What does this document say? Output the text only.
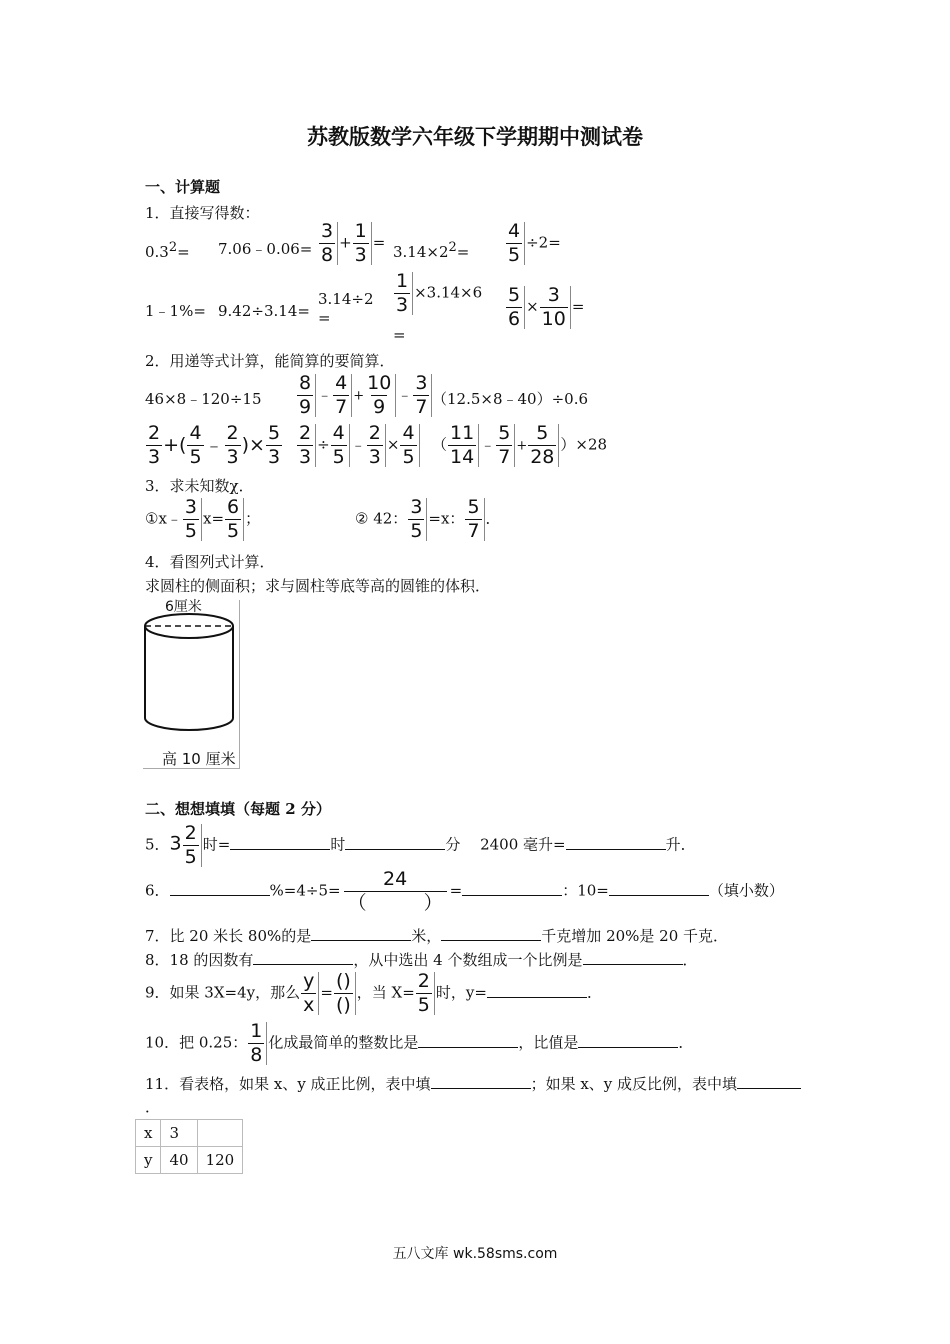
苏教版数学六年级下学期期中测试卷
一、计算题
1．直接写得数：
$0.3^2=$ 7.06﹣0.06= $\frac{3}{8} + \frac{1}{3}$ =
$3.14\times 2^2= \frac{4}{5} \div 2=$
1﹣1%= 9.42÷3.14=
3.14÷2
=
$\frac{1}{3} \times 3.14\times 6$
=
$\frac{5}{6} \times \frac{3}{10}$ =
2．用递等式计算，能简算的要简算．
46×8﹣120÷15 $\frac{8}{9}$ ﹣ $\frac{4}{7} + \frac{10}{9}$ ﹣ $\frac{3}{7}$ （12.5×8﹣40）÷0.6
$\frac{2}{3}$ +( $\frac{4}{5}$ ﹣ $\frac{2}{3}$ )× $\frac{5}{3} \frac{2}{3} \div \frac{4}{5}$ ﹣ $\frac{2}{3} \times \frac{4}{5}$ （ $\frac{11}{14}$ ﹣ $\frac{5}{7} + \frac{5}{28} )\times 28$
3．求未知数χ．
①x﹣ $\frac{3}{5} x= \frac{6}{5}$ ；	② 42： $\frac{3}{5} =x$： $\frac{5}{7}$ ．
4．看图列式计算．
求圆柱的侧面积；求与圆柱等底等高的圆锥的体积．
6厘米
高 10 厘米
二、想想填填（每题 2 分）
5．$3 \frac{2}{5}$ 时=	时	分　 2400 毫升=	升．
6．	$\%=4\div 5= \frac{24}{( )}$ =	：10=	（填小数）
7．比 20 米长 80%的是	米，	千克增加 20%是 20 千克．
8．18 的因数有	，从中选出 4 个数组成一个比例是	．
9．如果 3X=4y，那么 $\frac{y}{x} = \frac{()}{()}$ ，当 $X= \frac{2}{5}$ 时，y=	．
10．把 0.25： $\frac{1}{8}$ 化成最简单的整数比是	，比值是	．
11．看表格，如果 x、y 成正比例，表中填	；如果 x、y 成反比例，表中填
．
x	3	
y	40	120
五八文库 wk.58sms.com
